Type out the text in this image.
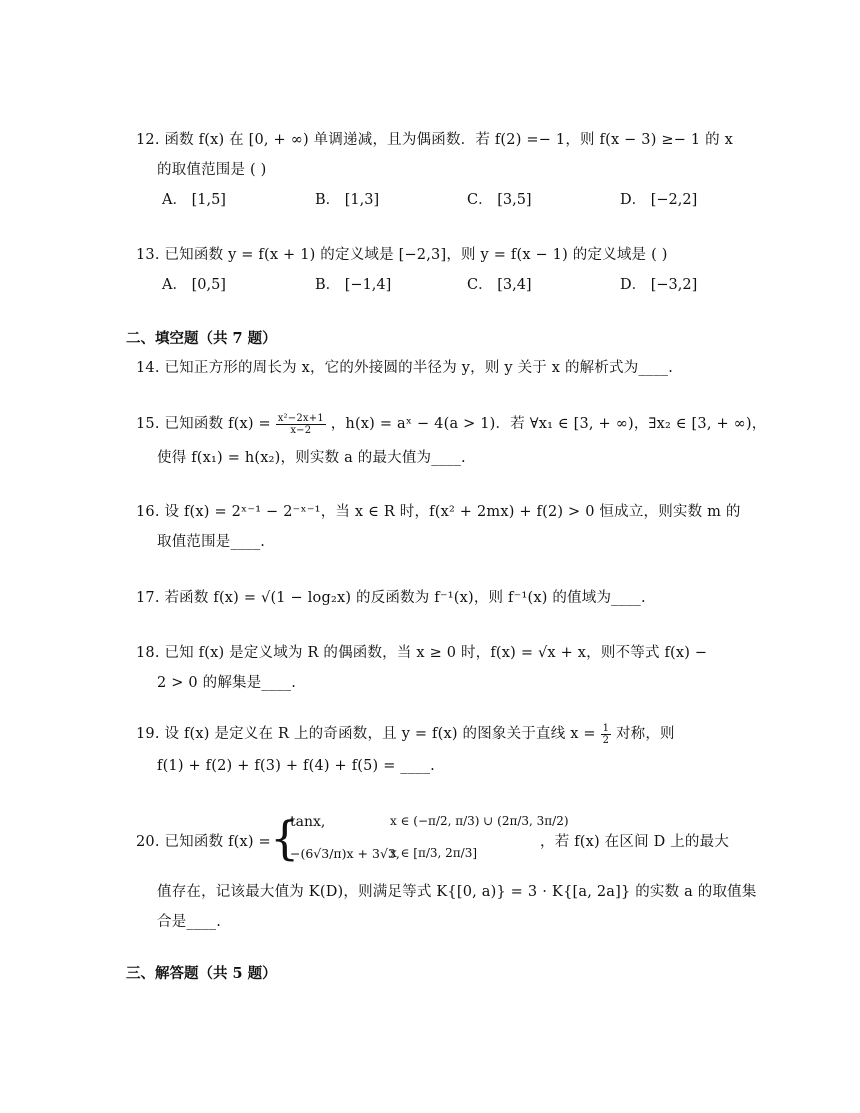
12. 函数 f(x) 在 [0, + ∞) 单调递减，且为偶函数．若 f(2) =− 1，则 f(x − 3) ≥− 1 的 x
的取值范围是 ( )
A． [1,5]	B． [1,3]	C． [3,5]	D． [−2,2]
13. 已知函数 y = f(x + 1) 的定义域是 [−2,3]，则 y = f(x − 1) 的定义域是 ( )
A． [0,5]	B． [−1,4]	C． [3,4]	D． [−3,2]
二、填空题（共 7 题）
14. 已知正方形的周长为 x，它的外接圆的半径为 y，则 y 关于 x 的解析式为____.
15. 已知函数 $f(x) = \frac{\text{x²−2x+1}}{x-2}$ ，h(x) = aˣ − 4(a > 1)．若 ∀x₁ ∈ [3, + ∞)，∃x₂ ∈ [3, + ∞)，
使得 f(x₁) = h(x₂)，则实数 a 的最大值为____.
16. 设 f(x) = 2ˣ⁻¹ − 2⁻ˣ⁻¹，当 x ∈ R 时，f(x² + 2mx) + f(2) > 0 恒成立，则实数 m 的
取值范围是____.
17. 若函数 f(x) = √(1 − log₂x) 的反函数为 f⁻¹(x)，则 f⁻¹(x) 的值域为____.
18. 已知 f(x) 是定义域为 R 的偶函数，当 x ≥ 0 时，f(x) = √x + x，则不等式 f(x) −
2 > 0 的解集是____.
19. 设 f(x) 是定义在 R 上的奇函数，且 y = f(x) 的图象关于直线 $x = \frac{1}{2}$ 对称，则
f(1) + f(2) + f(3) + f(4) + f(5) = ____.
20. 已知函数 f(x) = {
tanx,	x ∈ (−π/2, π/3) ∪ (2π/3, 3π/2)
−(6√3/π)x + 3√3,
x ∈ [π/3, 2π/3]
，若 f(x) 在区间 D 上的最大
值存在，记该最大值为 K(D)，则满足等式 K{[0, a)} = 3 ⋅ K{[a, 2a]} 的实数 a 的取值集
合是____.
三、解答题（共 5 题）
